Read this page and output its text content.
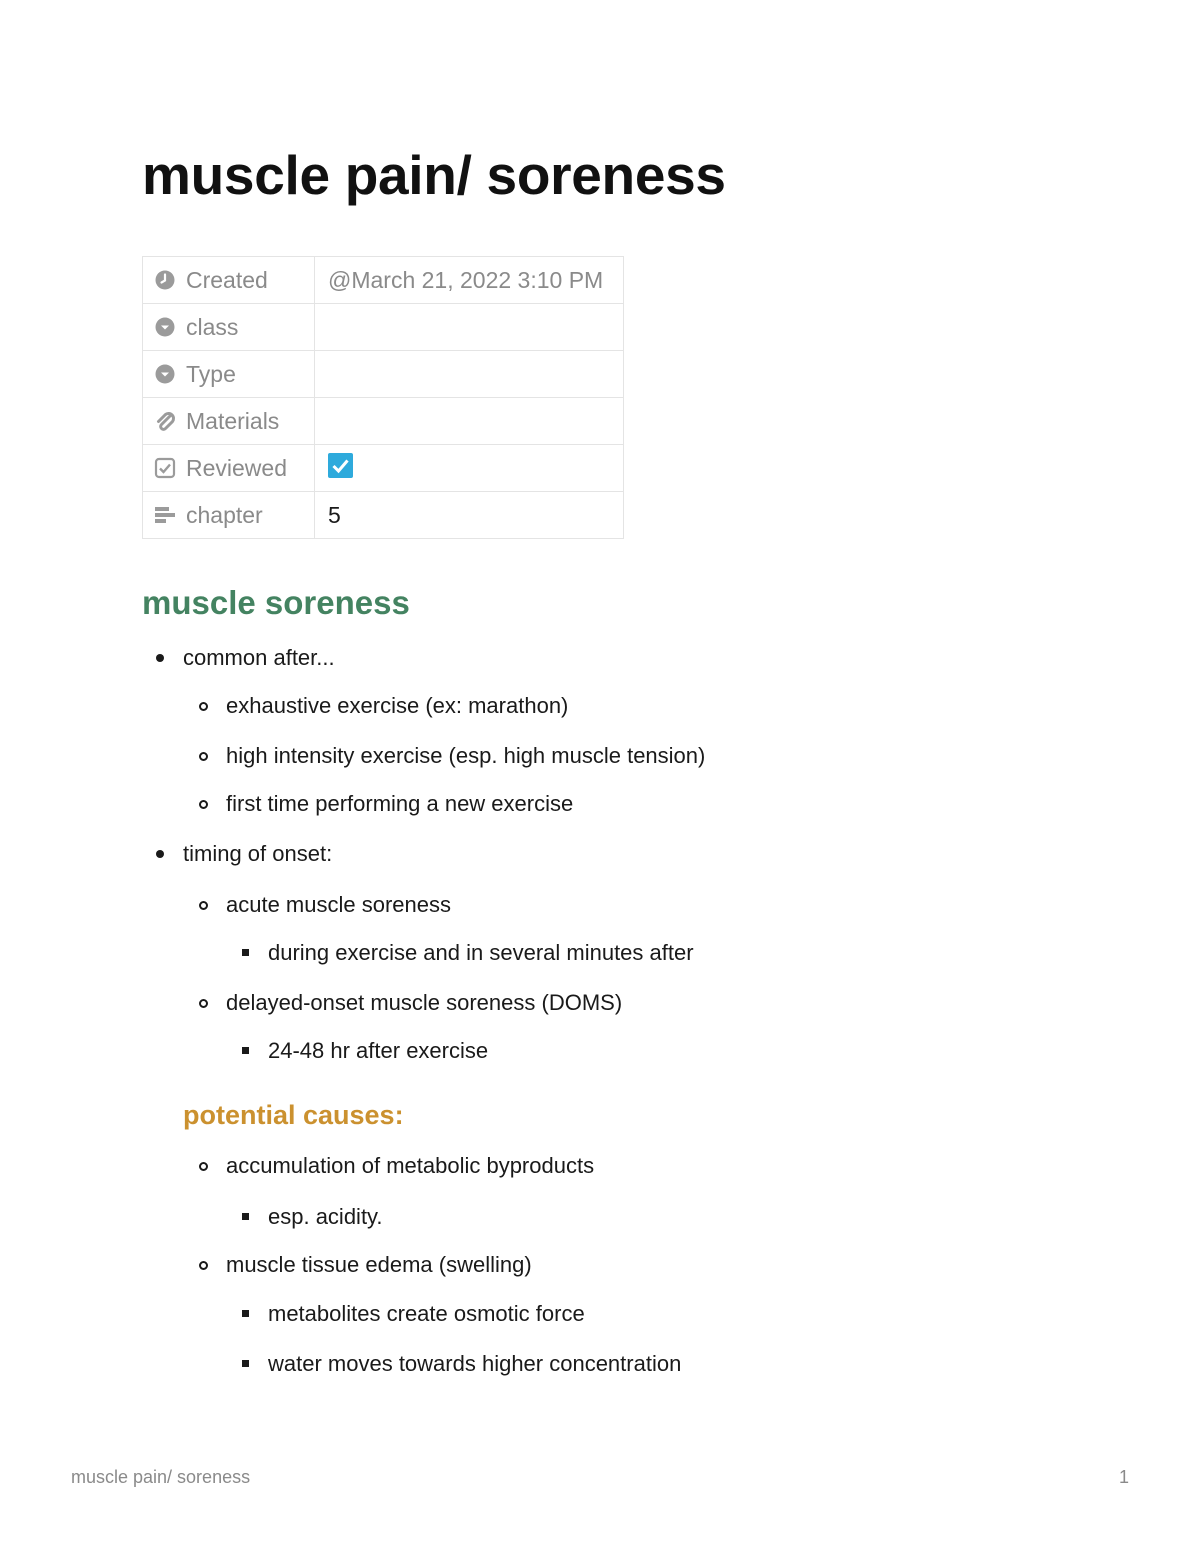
muscle pain/ soreness
Created	@March 21, 2022 3:10 PM

class	

Type	

Materials	

Reviewed

chapter	5
muscle soreness
common after...
exhaustive exercise (ex: marathon)
high intensity exercise (esp. high muscle tension)
first time performing a new exercise
timing of onset:
acute muscle soreness
during exercise and in several minutes after
delayed-onset muscle soreness (DOMS)
24-48 hr after exercise
potential causes:
accumulation of metabolic byproducts
esp. acidity.
muscle tissue edema (swelling)
metabolites create osmotic force
water moves towards higher concentration
muscle pain/ soreness	1
